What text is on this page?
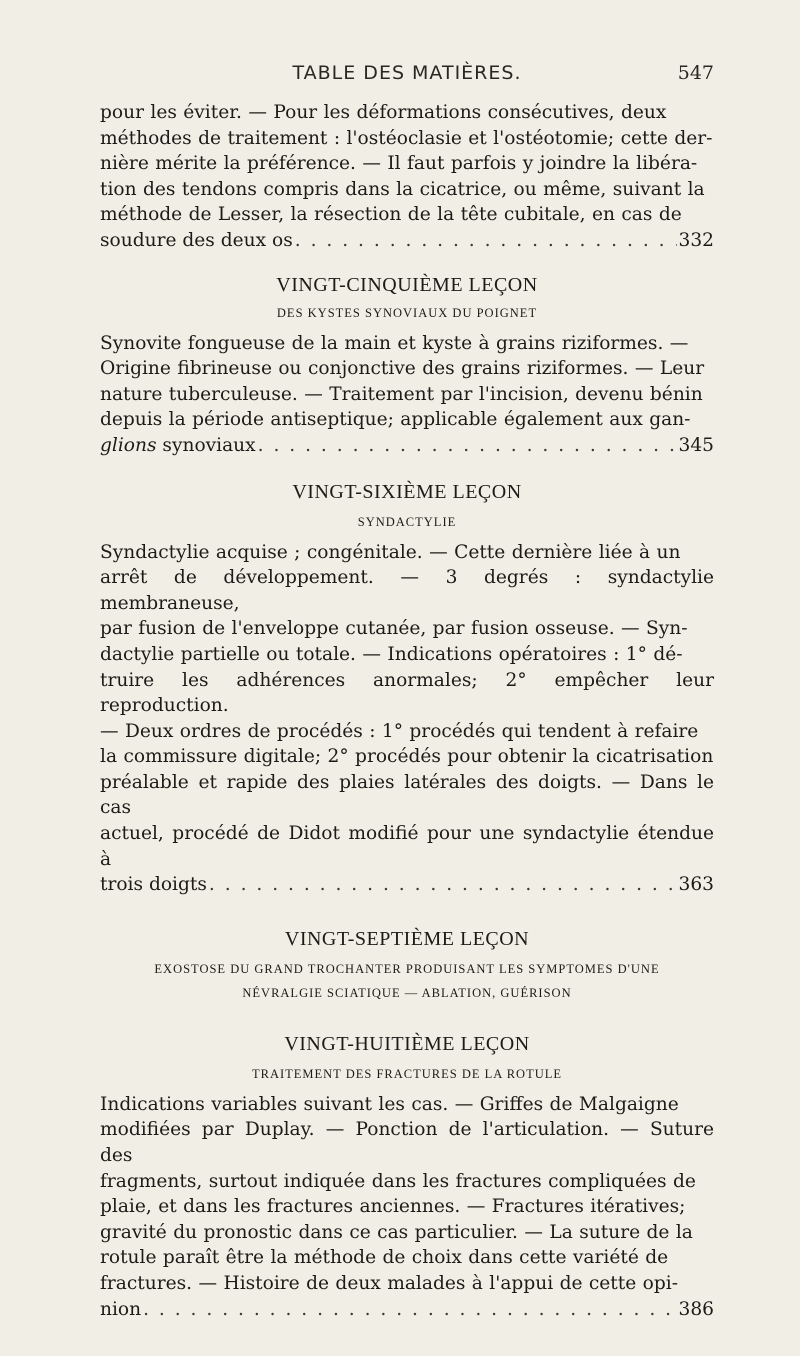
TABLE DES MATIÈRES.	547
pour les éviter. — Pour les déformations consécutives, deux
méthodes de traitement : l'ostéoclasie et l'ostéotomie; cette der-
nière mérite la préférence. — Il faut parfois y joindre la libéra-
tion des tendons compris dans la cicatrice, ou même, suivant la
méthode de Lesser, la résection de la tête cubitale, en cas de
soudure des deux os . . .	332
VINGT-CINQUIÈME LEÇON
DES KYSTES SYNOVIAUX DU POIGNET
Synovite fongueuse de la main et kyste à grains riziformes. —
Origine fibrineuse ou conjonctive des grains riziformes. — Leur
nature tuberculeuse. — Traitement par l'incision, devenu bénin
depuis la période antiseptique; applicable également aux gan-
glions synoviaux . . .	345
VINGT-SIXIÈME LEÇON
SYNDACTYLIE
Syndactylie acquise ; congénitale. — Cette dernière liée à un
arrêt de développement. — 3 degrés : syndactylie membraneuse,
par fusion de l'enveloppe cutanée, par fusion osseuse. — Syn-
dactylie partielle ou totale. — Indications opératoires : 1° dé-
truire les adhérences anormales; 2° empêcher leur reproduction.
— Deux ordres de procédés : 1° procédés qui tendent à refaire
la commissure digitale; 2° procédés pour obtenir la cicatrisation
préalable et rapide des plaies latérales des doigts. — Dans le cas
actuel, procédé de Didot modifié pour une syndactylie étendue à
trois doigts . . .	363
VINGT-SEPTIÈME LEÇON
EXOSTOSE DU GRAND TROCHANTER PRODUISANT LES SYMPTOMES D'UNE
NÉVRALGIE SCIATIQUE — ABLATION, GUÉRISON
VINGT-HUITIÈME LEÇON
TRAITEMENT DES FRACTURES DE LA ROTULE
Indications variables suivant les cas. — Griffes de Malgaigne
modifiées par Duplay. — Ponction de l'articulation. — Suture des
fragments, surtout indiquée dans les fractures compliquées de
plaie, et dans les fractures anciennes. — Fractures itératives;
gravité du pronostic dans ce cas particulier. — La suture de la
rotule paraît être la méthode de choix dans cette variété de
fractures. — Histoire de deux malades à l'appui de cette opi-
nion . . .	386
